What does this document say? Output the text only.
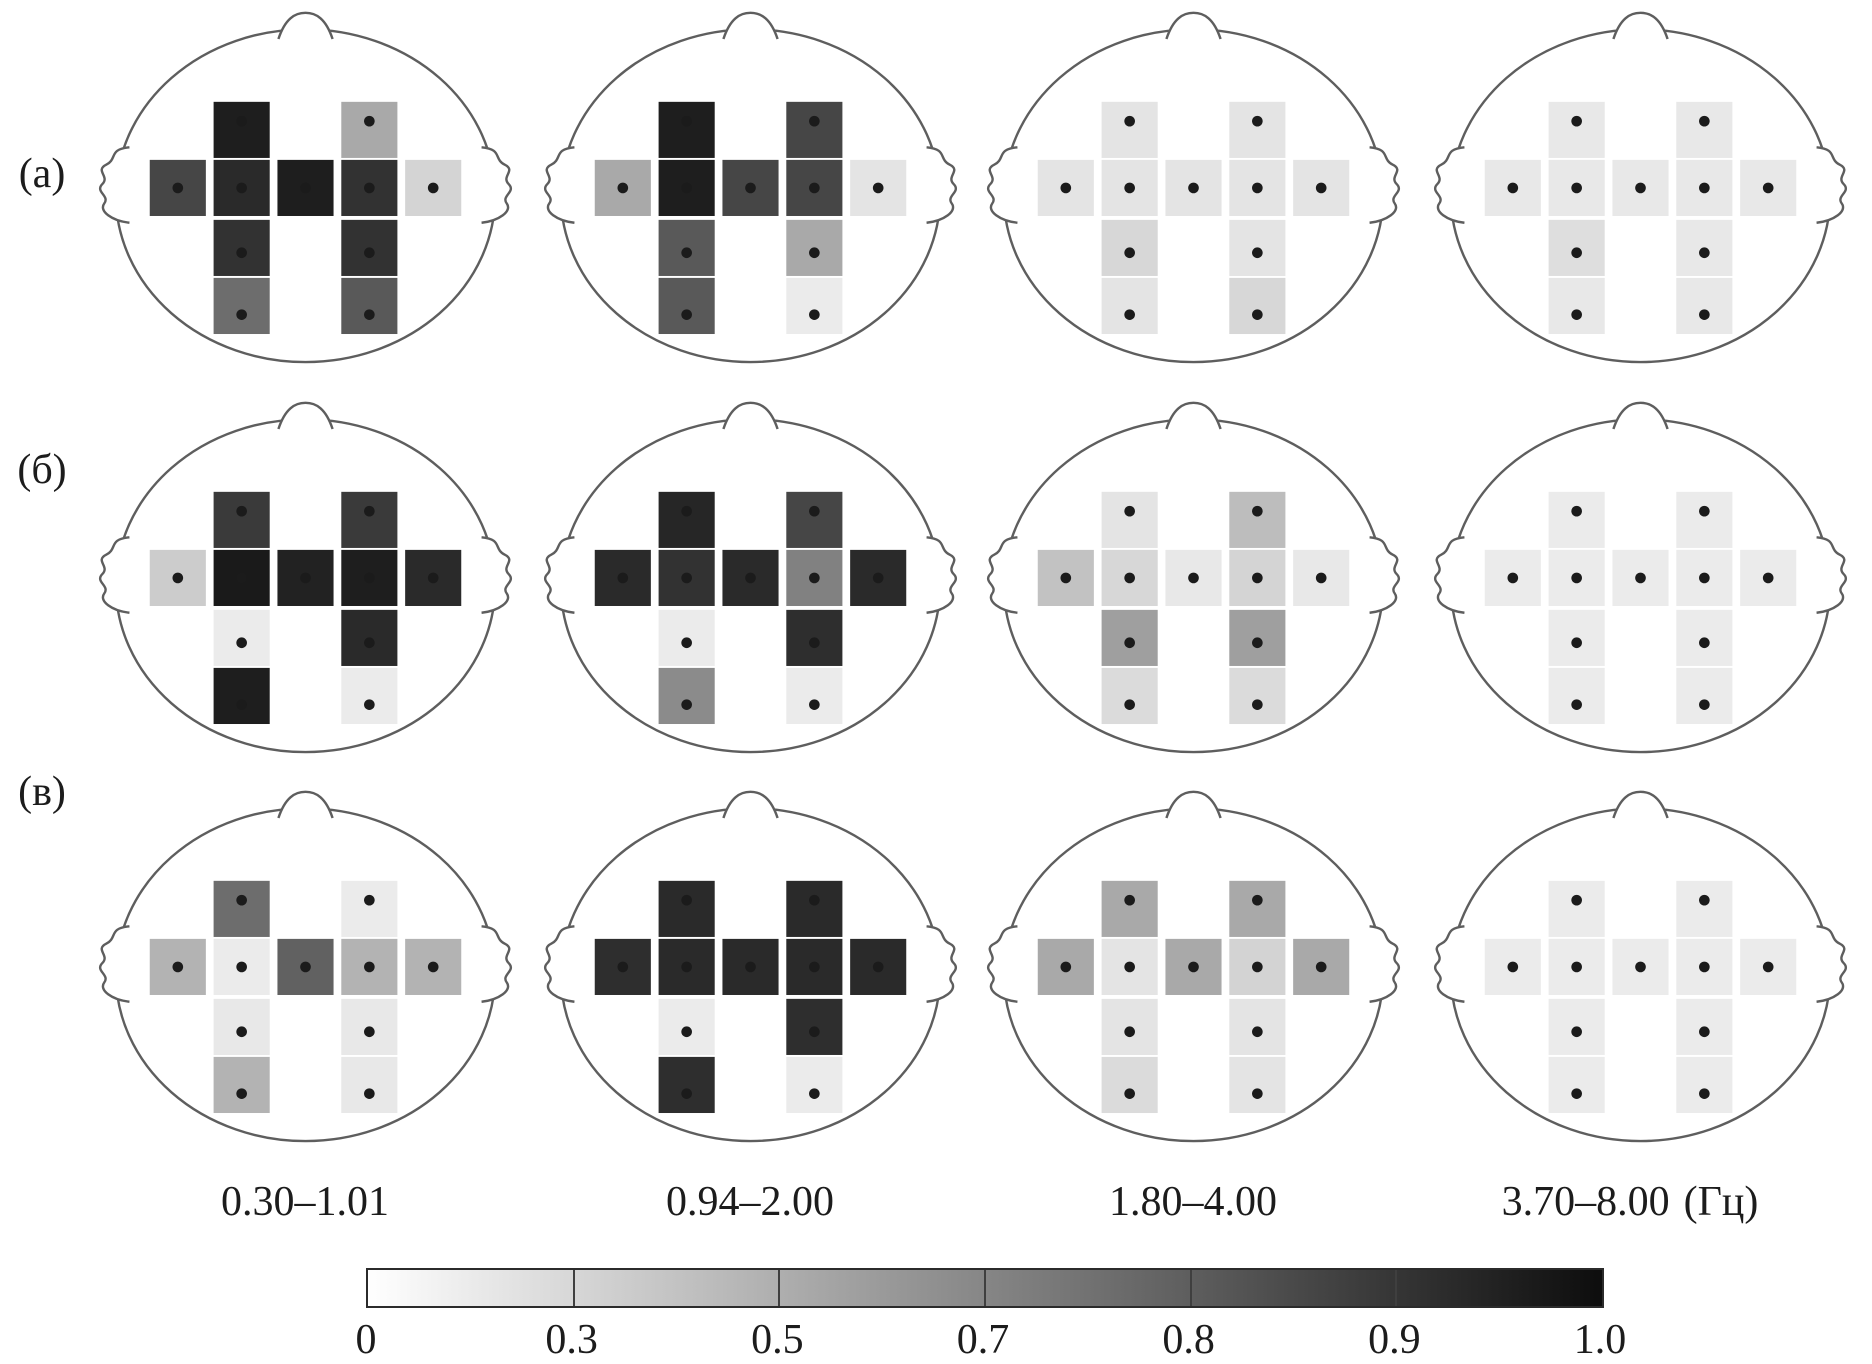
(а)
(б)
(в)
0.30–1.01	0.94–2.00	1.80–4.00	3.70–8.00 (Гц)
0	0.3	0.5	0.7	0.8	0.9	1.0
